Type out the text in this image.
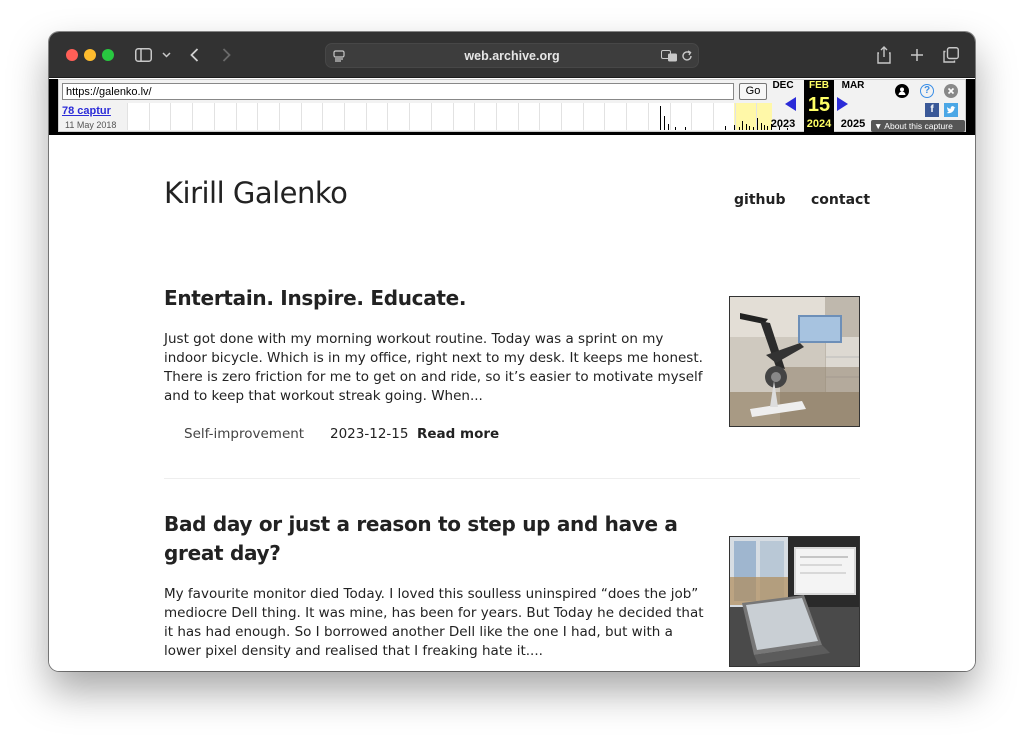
web.archive.org
https://galenko.lv/
Go
78 captur
11 May 2018
DEC	FEB	MAR
15
2023	2024 2025
?
f
▼ About this capture
Kirill Galenko	github contact
Entertain. Inspire. Educate.
Just got done with my morning workout routine. Today was a sprint on my indoor bicycle. Which is in my office, right next to my desk. It keeps me honest. There is zero friction for me to get on and ride, so it’s easier to motivate myself and to keep that workout streak going. When...
Self-improvement 2023-12-15 Read more
Bad day or just a reason to step up and have a great day?
My favourite monitor died Today. I loved this soulless uninspired “does the job” mediocre Dell thing. It was mine, has been for years. But Today he decided that it has had enough. So I borrowed another Dell like the one I had, but with a lower pixel density and realised that I freaking hate it....
